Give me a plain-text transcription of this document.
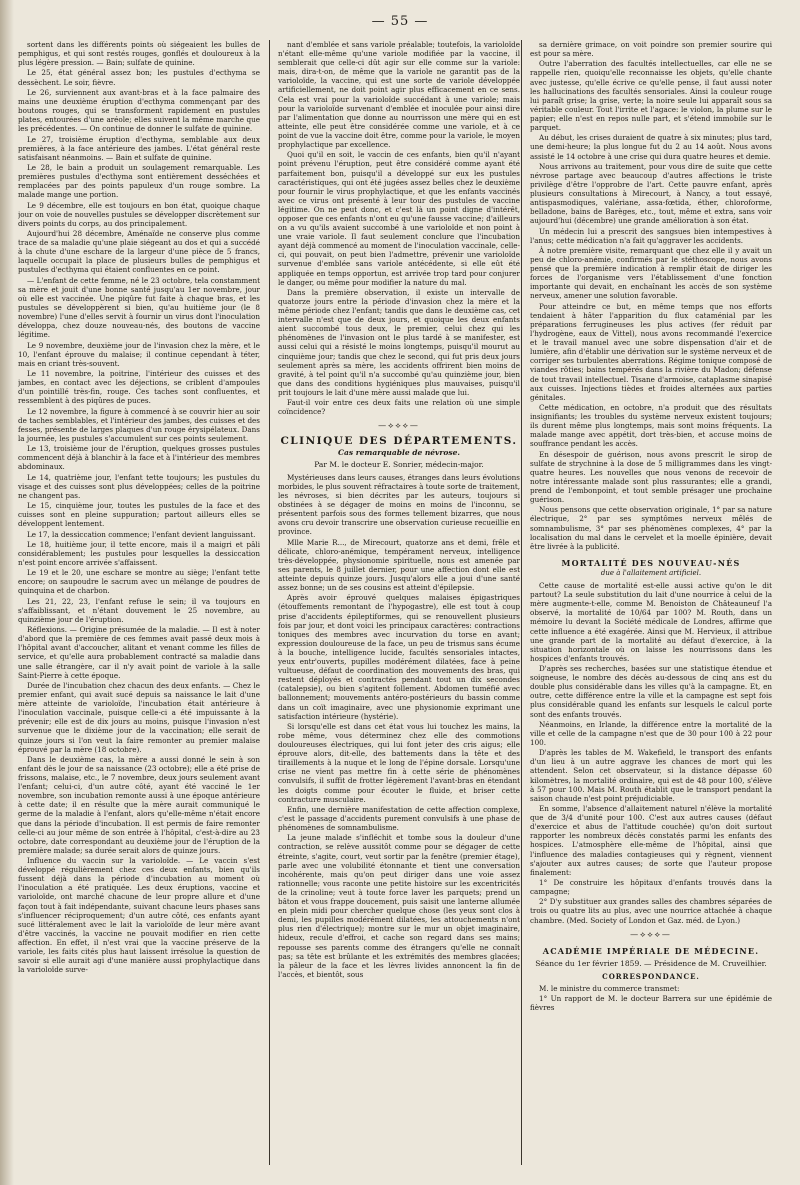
— 55 —

sortent dans les différents points où siégeaient les bulles de pemphigus, et qui sont restés rouges, gonflés et douloureux à la plus légère pression. — Bain; sulfate de quinine.

Le 25, état général assez bon; les pustules d'ecthyma se dessèchent. Le soir, fièvre.

Le 26, surviennent aux avant-bras et à la face palmaire des mains une deuxième éruption d'ecthyma commençant par des boutons rouges, qui se transforment rapidement en pustules plates, entourées d'une aréole; elles suivent la même marche que les précédentes. — On continue de donner le sulfate de quinine.

Le 27, troisième éruption d'ecthyma, semblable aux deux premières, à la face antérieure des jambes. L'état général reste satisfaisant néanmoins. — Bain et sulfate de quinine.

Le 28, le bain a produit un soulagement remarquable. Les premières pustules d'ecthyma sont entièrement desséchées et remplacées par des points papuleux d'un rouge sombre. La malade mange une portion.

Le 9 décembre, elle est toujours en bon état, quoique chaque jour on voie de nouvelles pustules se développer discrètement sur divers points du corps, au dos principalement.

Aujourd'hui 28 décembre, Aménaïde ne conserve plus comme trace de sa maladie qu'une plaie siégeant au dos et qui a succédé à la chute d'une eschare de la largeur d'une pièce de 5 francs, laquelle occupait la place de plusieurs bulles de pemphigus et pustules d'ecthyma qui étaient confluentes en ce point.

— L'enfant de cette femme, né le 23 octobre, tela constamment sa mère et jouit d'une bonne santé jusqu'au 1er novembre, jour où elle est vaccinée. Une piqûre fut faite à chaque bras, et les pustules se développèrent si bien, qu'au huitième jour (le 8 novembre) l'une d'elles servit à fournir un virus dont l'inoculation développa, chez douze nouveau-nés, des boutons de vaccine légitime.

Le 9 novembre, deuxième jour de l'invasion chez la mère, et le 10, l'enfant éprouve du malaise; il continue cependant à téter, mais en criant très-souvent.

Le 11 novembre, la poitrine, l'intérieur des cuisses et des jambes, en contact avec les déjections, se criblent d'ampoules d'un pointillé très-fin, rouge. Ces taches sont confluentes, et ressemblent à des piqûres de puces.

Le 12 novembre, la figure à commencé à se couvrir hier au soir de taches semblables, et l'intérieur des jambes, des cuisses et des fesses, présente de larges plaques d'un rouge érysipélateux. Dans la journée, les pustules s'accumulent sur ces points seulement.

Le 13, troisième jour de l'éruption, quelques grosses pustules commencent déjà à blanchir à la face et à l'intérieur des membres abdominaux.

Le 14, quatrième jour, l'enfant tette toujours; les pustules du visage et des cuisses sont plus développées; celles de la poitrine ne changent pas.

Le 15, cinquième jour, toutes les pustules de la face et des cuisses sont en pleine suppuration; partout ailleurs elles se développent lentement.

Le 17, la dessiccation commence; l'enfant devient languissant.

Le 18, huitième jour, il tette encore, mais il a maigri et pâli considérablement; les pustules pour lesquelles la dessiccation n'est point encore arrivée s'affaissent.

Le 19 et le 20, une eschare se montre au siège; l'enfant tette encore; on saupoudre le sacrum avec un mélange de poudres de quinquina et de charbon.

Les 21, 22, 23, l'enfant refuse le sein; il va toujours en s'affaiblissant, et n'étant douvement le 25 novembre, au quinzième jour de l'éruption.

Réflexions. — Origine présumée de la maladie. — Il est à noter d'abord que la première de ces femmes avait passé deux mois à l'hôpital avant d'accoucher, alitant et venant comme les filles de service, et qu'elle aura probablement contracté sa maladie dans une salle étrangère, car il n'y avait point de variole à la salle Saint-Pierre à cette époque.

Durée de l'incubation chez chacun des deux enfants. — Chez le premier enfant, qui avait sucé depuis sa naissance le lait d'une mère atteinte de varioloïde, l'incubation était antérieure à l'inoculation vaccinale, puisque celle-ci a été impuissante à la prévenir; elle est de dix jours au moins, puisque l'invasion n'est survenue que le dixième jour de la vaccination; elle serait de quinze jours si l'on veut la faire remonter au premier malaise éprouvé par la mère (18 octobre).

Dans le deuxième cas, la mère a aussi donné le sein à son enfant dès le jour de sa naissance (23 octobre); elle a été prise de frissons, malaise, etc., le 7 novembre, deux jours seulement avant l'enfant; celui-ci, d'un autre côté, ayant été vacciné le 1er novembre, son incubation remonte aussi à une époque antérieure à cette date; il en résulte que la mère aurait communiqué le germe de la maladie à l'enfant, alors qu'elle-même n'était encore que dans la période d'incubation. Il est permis de faire remonter celle-ci au jour même de son entrée à l'hôpital, c'est-à-dire au 23 octobre, date correspondant au deuxième jour de l'éruption de la première malade; sa durée serait alors de quinze jours.

Influence du vaccin sur la varioloïde. — Le vaccin s'est développé régulièrement chez ces deux enfants, bien qu'ils fussent déjà dans la période d'incubation au moment où l'inoculation a été pratiquée. Les deux éruptions, vaccine et varioloïde, ont marché chacune de leur propre allure et d'une façon tout à fait indépendante, suivant chacune leurs phases sans s'influencer réciproquement; d'un autre côté, ces enfants ayant sucé littéralement avec le lait la varioloïde de leur mère avant d'être vaccinés, la vaccine ne pouvait modifier en rien cette affection. En effet, il n'est vrai que la vaccine préserve de la variole, les faits cités plus haut laissent irrésolue la question de savoir si elle aurait agi d'une manière aussi prophylactique dans la varioloïde surve-

nant d'emblée et sans variole préalable; toutefois, la varioloïde n'étant elle-même qu'une variole modifiée par la vaccine, il semblerait que celle-ci dût agir sur elle comme sur la variole: mais, dira-t-on, de même que la variole ne garantit pas de la varioloïde, la vaccine, qui est une sorte de variole développée artificiellement, ne doit point agir plus efficacement en ce sens. Cela est vrai pour la varioloïde succédant à une variole; mais pour la varioloïde survenant d'emblée et inoculée pour ainsi dire par l'alimentation que donne au nourrisson une mère qui en est atteinte, elle peut être considérée comme une variole, et à ce point de vue la vaccine doit être, comme pour la variole, le moyen prophylactique par excellence.

Quoi qu'il en soit, le vaccin de ces enfants, bien qu'il n'ayant point prévenu l'éruption, peut être considéré comme ayant été parfaitement bon, puisqu'il a développé sur eux les pustules caractéristiques, qui ont été jugées assez belles chez le deuxième pour fournir le virus prophylactique, et que les enfants vaccinés avec ce virus ont présenté à leur tour des pustules de vaccine légitime. On ne peut donc, et c'est là un point digne d'intérêt, opposer que ces enfants n'ont eu qu'une fausse vaccine; d'ailleurs on a vu qu'ils avaient succombé à une varioloïde et non point à une vraie variole. Il faut seulement conclure que l'incubation ayant déjà commencé au moment de l'inoculation vaccinale, celle-ci, qui pouvait, on peut bien l'admettre, prévenir une varioloïde survenue d'emblée sans variole antécédente, si elle eût été appliquée en temps opportun, est arrivée trop tard pour conjurer le danger, ou même pour modifier la nature du mal.

Dans la première observation, il existe un intervalle de quatorze jours entre la période d'invasion chez la mère et la même période chez l'enfant; tandis que dans le deuxième cas, cet intervalle n'est que de deux jours, et quoique les deux enfants aient succombé tous deux, le premier, celui chez qui les phénomènes de l'invasion ont le plus tardé à se manifester, est aussi celui qui a résisté le moins longtemps, puisqu'il mourut au cinquième jour; tandis que chez le second, qui fut pris deux jours seulement après sa mère, les accidents offrirent bien moins de gravité, à tel point qu'il n'a succombé qu'au quinzième jour, bien que dans des conditions hygiéniques plus mauvaises, puisqu'il prit toujours le lait d'une mère aussi malade que lui.

Faut-il voir entre ces deux faits une relation où une simple coïncidence?

—⟡⟡⟡—
CLINIQUE DES DÉPARTEMENTS.
Cas remarquable de névrose.
Par M. le docteur E. Sonrier, médecin-major.

Mystérieuses dans leurs causes, étranges dans leurs évolutions morbides, le plus souvent réfractaires à toute sorte de traitement, les névroses, si bien décrites par les auteurs, toujours si obstinées à se dégager de moins en moins de l'inconnu, se présentent parfois sous des formes tellement bizarres, que nous avons cru devoir transcrire une observation curieuse recueillie en province.

Mlle Marie R..., de Mirecourt, quatorze ans et demi, frêle et délicate, chloro-anémique, tempérament nerveux, intelligence très-développée, physionomie spirituelle, nous est amenée par ses parents, le 8 juillet dernier, pour une affection dont elle est atteinte depuis quinze jours. Jusqu'alors elle a joui d'une santé assez bonne; un de ses cousins est atteint d'épilepsie.

Après avoir éprouvé quelques malaises épigastriques (étouffements remontant de l'hypogastre), elle est tout à coup prise d'accidents épileptiformes, qui se renouvellent plusieurs fois par jour, et dont voici les principaux caractères: contractions toniques des membres avec incurvation du torse en avant; expression douloureuse de la face, un peu de trismus sans écume à la bouche, intelligence lucide, facultés sensoriales intactes, yeux entr'ouverts, pupilles modérément dilatées, face à peine vultueuse, défaut de coordination des mouvements des bras, qui restent déployés et contractés pendant tout un dix secondes (catalepsie), ou bien s'agitent follement. Abdomen tuméfié avec ballonnement; mouvements antéro-postérieurs du bassin comme dans un coït imaginaire, avec une physionomie exprimant une satisfaction intérieure (hystérie).

Si lorsqu'elle est dans cet état vous lui touchez les mains, la robe même, vous déterminez chez elle des commotions douloureuses électriques, qui lui font jeter des cris aigus; elle éprouve alors, dit-elle, des battements dans la tête et des tiraillements à la nuque et le long de l'épine dorsale. Lorsqu'une crise ne vient pas mettre fin à cette série de phénomènes convulsifs, il suffit de frotter légèrement l'avant-bras en étendant les doigts comme pour écouter le fluide, et briser cette contracture musculaire.

Enfin, une dernière manifestation de cette affection complexe, c'est le passage d'accidents purement convulsifs à une phase de phénomènes de somnambulisme.

La jeune malade s'infléchit et tombe sous la douleur d'une contraction, se relève aussitôt comme pour se dégager de cette étreinte, s'agite, court, veut sortir par la fenêtre (premier étage), parle avec une volubilité étonnante et tient une conversation incohérente, mais qu'on peut diriger dans une voie assez rationnelle; vous raconte une petite histoire sur les excentricités de la crinoline; veut à toute force laver les parquets; prend un bâton et vous frappe doucement, puis saisit une lanterne allumée en plein midi pour chercher quelque chose (les yeux sont clos à demi, les pupilles modérément dilatées, les attouchements n'ont plus rien d'électrique); montre sur le mur un objet imaginaire, hideux, recule d'effroi, et cache son regard dans ses mains; repousse ses parents comme des étrangers qu'elle ne connaît pas; sa tête est brûlante et les extrémités des membres glacées; la pâleur de la face et les lèvres livides annoncent la fin de l'accès, et bientôt, sous

sa dernière grimace, on voit poindre son premier sourire qui est pour sa mère.

Outre l'aberration des facultés intellectuelles, car elle ne se rappelle rien, quoiqu'elle reconnaisse les objets, qu'elle chante avec justesse, qu'elle écrive ce qu'elle pense, il faut aussi noter les hallucinations des facultés sensoriales. Ainsi la couleur rouge lui paraît grise; la grise, verte; la noire seule lui apparaît sous sa véritable couleur. Tout l'irrite et l'agace: le violon, la plume sur le papier; elle n'est en repos nulle part, et s'étend immobile sur le parquet.

Au début, les crises duraient de quatre à six minutes; plus tard, une demi-heure; la plus longue fut du 2 au 14 août. Nous avons assisté le 14 octobre à une crise qui dura quatre heures et demie.

Nous arrivons au traitement, pour vous dire de suite que cette névrose partage avec beaucoup d'autres affections le triste privilège d'être l'opprobre de l'art. Cette pauvre enfant, après plusieurs consultations à Mirecourt, à Nancy, a tout essayé, antispasmodiques, valériane, assa-fœtida, éther, chloroforme, belladone, bains de Barèges, etc., tout, même et extra, sans voir aujourd'hui (décembre) une grande amélioration à son état.

Un médecin lui a prescrit des sangsues bien intempestives à l'anus; cette médication n'a fait qu'aggraver les accidents.

À notre première visite, remarquant que chez elle il y avait un peu de chloro-anémie, confirmés par le stéthoscope, nous avons pensé que la première indication à remplir était de diriger les forces de l'organisme vers l'établissement d'une fonction importante qui devait, en enchaînant les accès de son système nerveux, amener une solution favorable.

Pour atteindre ce but, en même temps que nos efforts tendaient à hâter l'apparition du flux cataménial par les préparations ferrugineuses les plus actives (fer réduit par l'hydrogène, eaux de Vittel), nous avons recommandé l'exercice et le travail manuel avec une sobre dispensation d'air et de lumière, afin d'établir une dérivation sur le système nerveux et de corriger ses turbulentes aberrations. Régime tonique composé de viandes rôties; bains tempérés dans la rivière du Madon; défense de tout travail intellectuel. Tisane d'armoise, cataplasme sinapisé aux cuisses. Injections tièdes et froides alternées aux parties génitales.

Cette médication, en octobre, n'a produit que des résultats insignifiants; les troubles du système nerveux existent toujours; ils durent même plus longtemps, mais sont moins fréquents. La malade mange avec appétit, dort très-bien, et accuse moins de souffrance pendant les accès.

En désespoir de guérison, nous avons prescrit le sirop de sulfate de strychnine à la dose de 5 milligrammes dans les vingt-quatre heures. Les nouvelles que nous venons de recevoir de notre intéressante malade sont plus rassurantes; elle a grandi, prend de l'embonpoint, et tout semble présager une prochaine guérison.

Nous pensons que cette observation originale, 1° par sa nature électrique, 2° par ses symptômes nerveux mêlés de somnambulisme, 3° par ses phénomènes complexes, 4° par la localisation du mal dans le cervelet et la moelle épinière, devait être livrée à la publicité.

MORTALITÉ DES NOUVEAU-NÉS
due à l'allaitement artificiel.

Cette cause de mortalité est-elle aussi active qu'on le dit partout? La seule substitution du lait d'une nourrice à celui de la mère augmente-t-elle, comme M. Benoiston de Châteauneuf l'a observé, la mortalité de 10/64 par 100? M. Routh, dans un mémoire lu devant la Société médicale de Londres, affirme que cette influence a été exagérée. Ainsi que M. Hervieux, il attribue une grande part de la mortalité au défaut d'exercice, à la situation horizontale où on laisse les nourrissons dans les hospices d'enfants trouvés.

D'après ses recherches, basées sur une statistique étendue et soigneuse, le nombre des décès au-dessous de cinq ans est du double plus considérable dans les villes qu'à la campagne. Et, en outre, cette différence entre la ville et la campagne est sept fois plus considérable quand les enfants sur lesquels le calcul porte sont des enfants trouvés.

Néanmoins, en Irlande, la différence entre la mortalité de la ville et celle de la campagne n'est que de 30 pour 100 à 22 pour 100.

D'après les tables de M. Wakefield, le transport des enfants d'un lieu à un autre aggrave les chances de mort qui les attendent. Selon cet observateur, si la distance dépasse 60 kilomètres, la mortalité ordinaire, qui est de 48 pour 100, s'élève à 57 pour 100. Mais M. Routh établit que le transport pendant la saison chaude n'est point préjudiciable.

En somme, l'absence d'allaitement naturel n'élève la mortalité que de 3/4 d'unité pour 100. C'est aux autres causes (défaut d'exercice et abus de l'attitude couchée) qu'on doit surtout rapporter les nombreux décès constatés parmi les enfants des hospices. L'atmosphère elle-même de l'hôpital, ainsi que l'influence des maladies contagieuses qui y règnent, viennent s'ajouter aux autres causes; de sorte que l'auteur propose finalement:

1° De construire les hôpitaux d'enfants trouvés dans la campagne;

2° D'y substituer aux grandes salles des chambres séparées de trois ou quatre lits au plus, avec une nourrice attachée à chaque chambre. (Med. Society of London et Gaz. méd. de Lyon.)

—⟡⟡⟡—
ACADÉMIE IMPÉRIALE DE MÉDECINE.
Séance du 1er février 1859. — Présidence de M. Cruveilhier.
CORRESPONDANCE.

M. le ministre du commerce transmet:

1° Un rapport de M. le docteur Barrera sur une épidémie de fièvres
